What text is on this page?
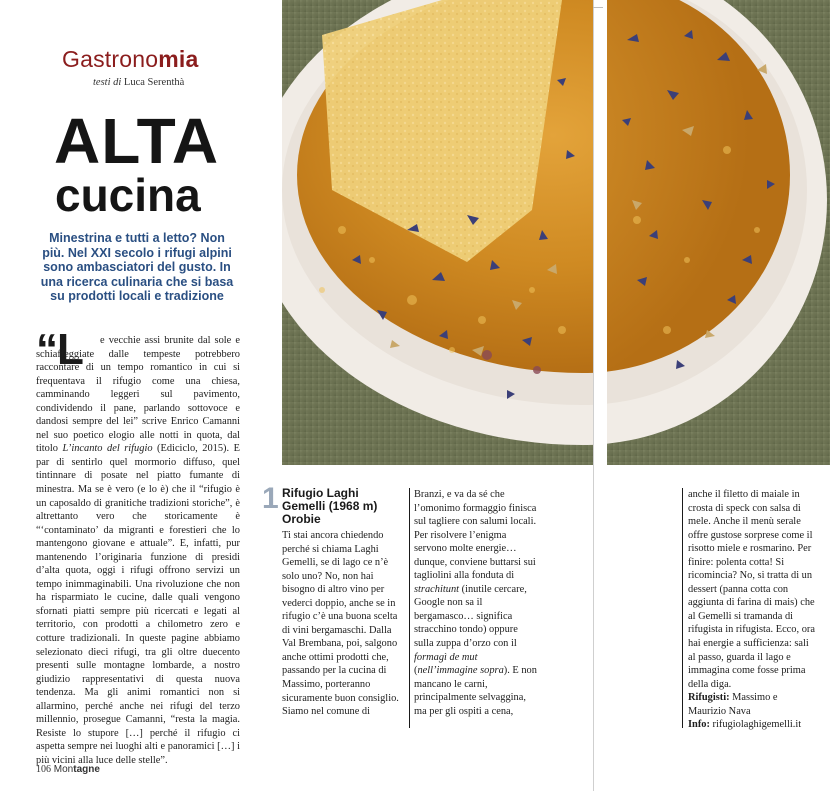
Gastronomia
testi di Luca Serenthà
ALTA
cucina
Minestrina e tutti a letto? Non più. Nel XXI secolo i rifugi alpini sono ambasciatori del gusto. In una ricerca culinaria che si basa su prodotti locali e tradizione
“L	e vecchie assi brunite dal sole e schiaffeggiate dalle tempeste potrebbero raccontare di un tempo romantico in cui si frequentava il rifugio come una chiesa, camminando leggeri sul pavimento, condividendo il pane, parlando sottovoce e dandosi sempre del lei” scrive Enrico Camanni nel suo poetico elogio alle notti in quota, dal titolo L’incanto del rifugio (Ediciclo, 2015). E par di sentirlo quel mormorio diffuso, quel tintinnare di posate nel piatto fumante di minestra. Ma se è vero (e lo è) che il “rifugio è un caposaldo di granitiche tradizioni storiche”, è altrettanto vero che storicamente è “‘contaminato’ da migranti e forestieri che lo mantengono giovane e attuale”. E, infatti, pur mantenendo l’originaria funzione di presidi d’alta quota, oggi i rifugi offrono servizi un tempo inimmaginabili. Una rivoluzione che non ha risparmiato le cucine, dalle quali vengono sfornati piatti sempre più ricercati e legati al territorio, con prodotti a chilometro zero e cotture tradizionali. In queste pagine abbiamo selezionato dieci rifugi, tra gli oltre duecento presenti sulle montagne lombarde, a nostro giudizio rappresentativi di questa nuova tendenza. Ma gli animi romantici non si allarmino, perché anche nei rifugi del terzo millennio, prosegue Camanni, “resta la magia. Resiste lo stupore […] perché il rifugio ci aspetta sempre nei luoghi alti e panoramici […] i più vicini alla luce delle stelle”.

106 Montagne
1 Rifugio Laghi Gemelli (1968 m) Orobie

Ti stai ancora chiedendo perché si chiama Laghi Gemelli, se di lago ce n’è solo uno? No, non hai bisogno di altro vino per vederci doppio, anche se in rifugio c’è una buona scelta di vini bergamaschi. Dalla Val Brembana, poi, salgono anche ottimi prodotti che, passando per la cucina di Massimo, porteranno sicuramente buon consiglio. Siamo nel comune di

Branzi, e va da sé che l’omonimo formaggio finisca sul tagliere con salumi locali. Per risolvere l’enigma servono molte energie… dunque, conviene buttarsi sui tagliolini alla fonduta di strachitunt (inutile cercare, Google non sa il bergamasco… significa stracchino tondo) oppure sulla zuppa d’orzo con il formagì de mut (nell’immagine sopra). E non mancano le carni, principalmente selvaggina, ma per gli ospiti a cena,

anche il filetto di maiale in crosta di speck con salsa di mele. Anche il menù serale offre gustose sorprese come il risotto miele e rosmarino. Per finire: polenta cotta! Si ricomincia? No, si tratta di un dessert (panna cotta con aggiunta di farina di mais) che al Gemelli si tramanda di rifugista in rifugista. Ecco, ora hai energie a sufficienza: sali al passo, guarda il lago e immagina come fosse prima della diga.

Rifugisti: Massimo e Maurizio Nava

Info: rifugiolaghigemelli.it
